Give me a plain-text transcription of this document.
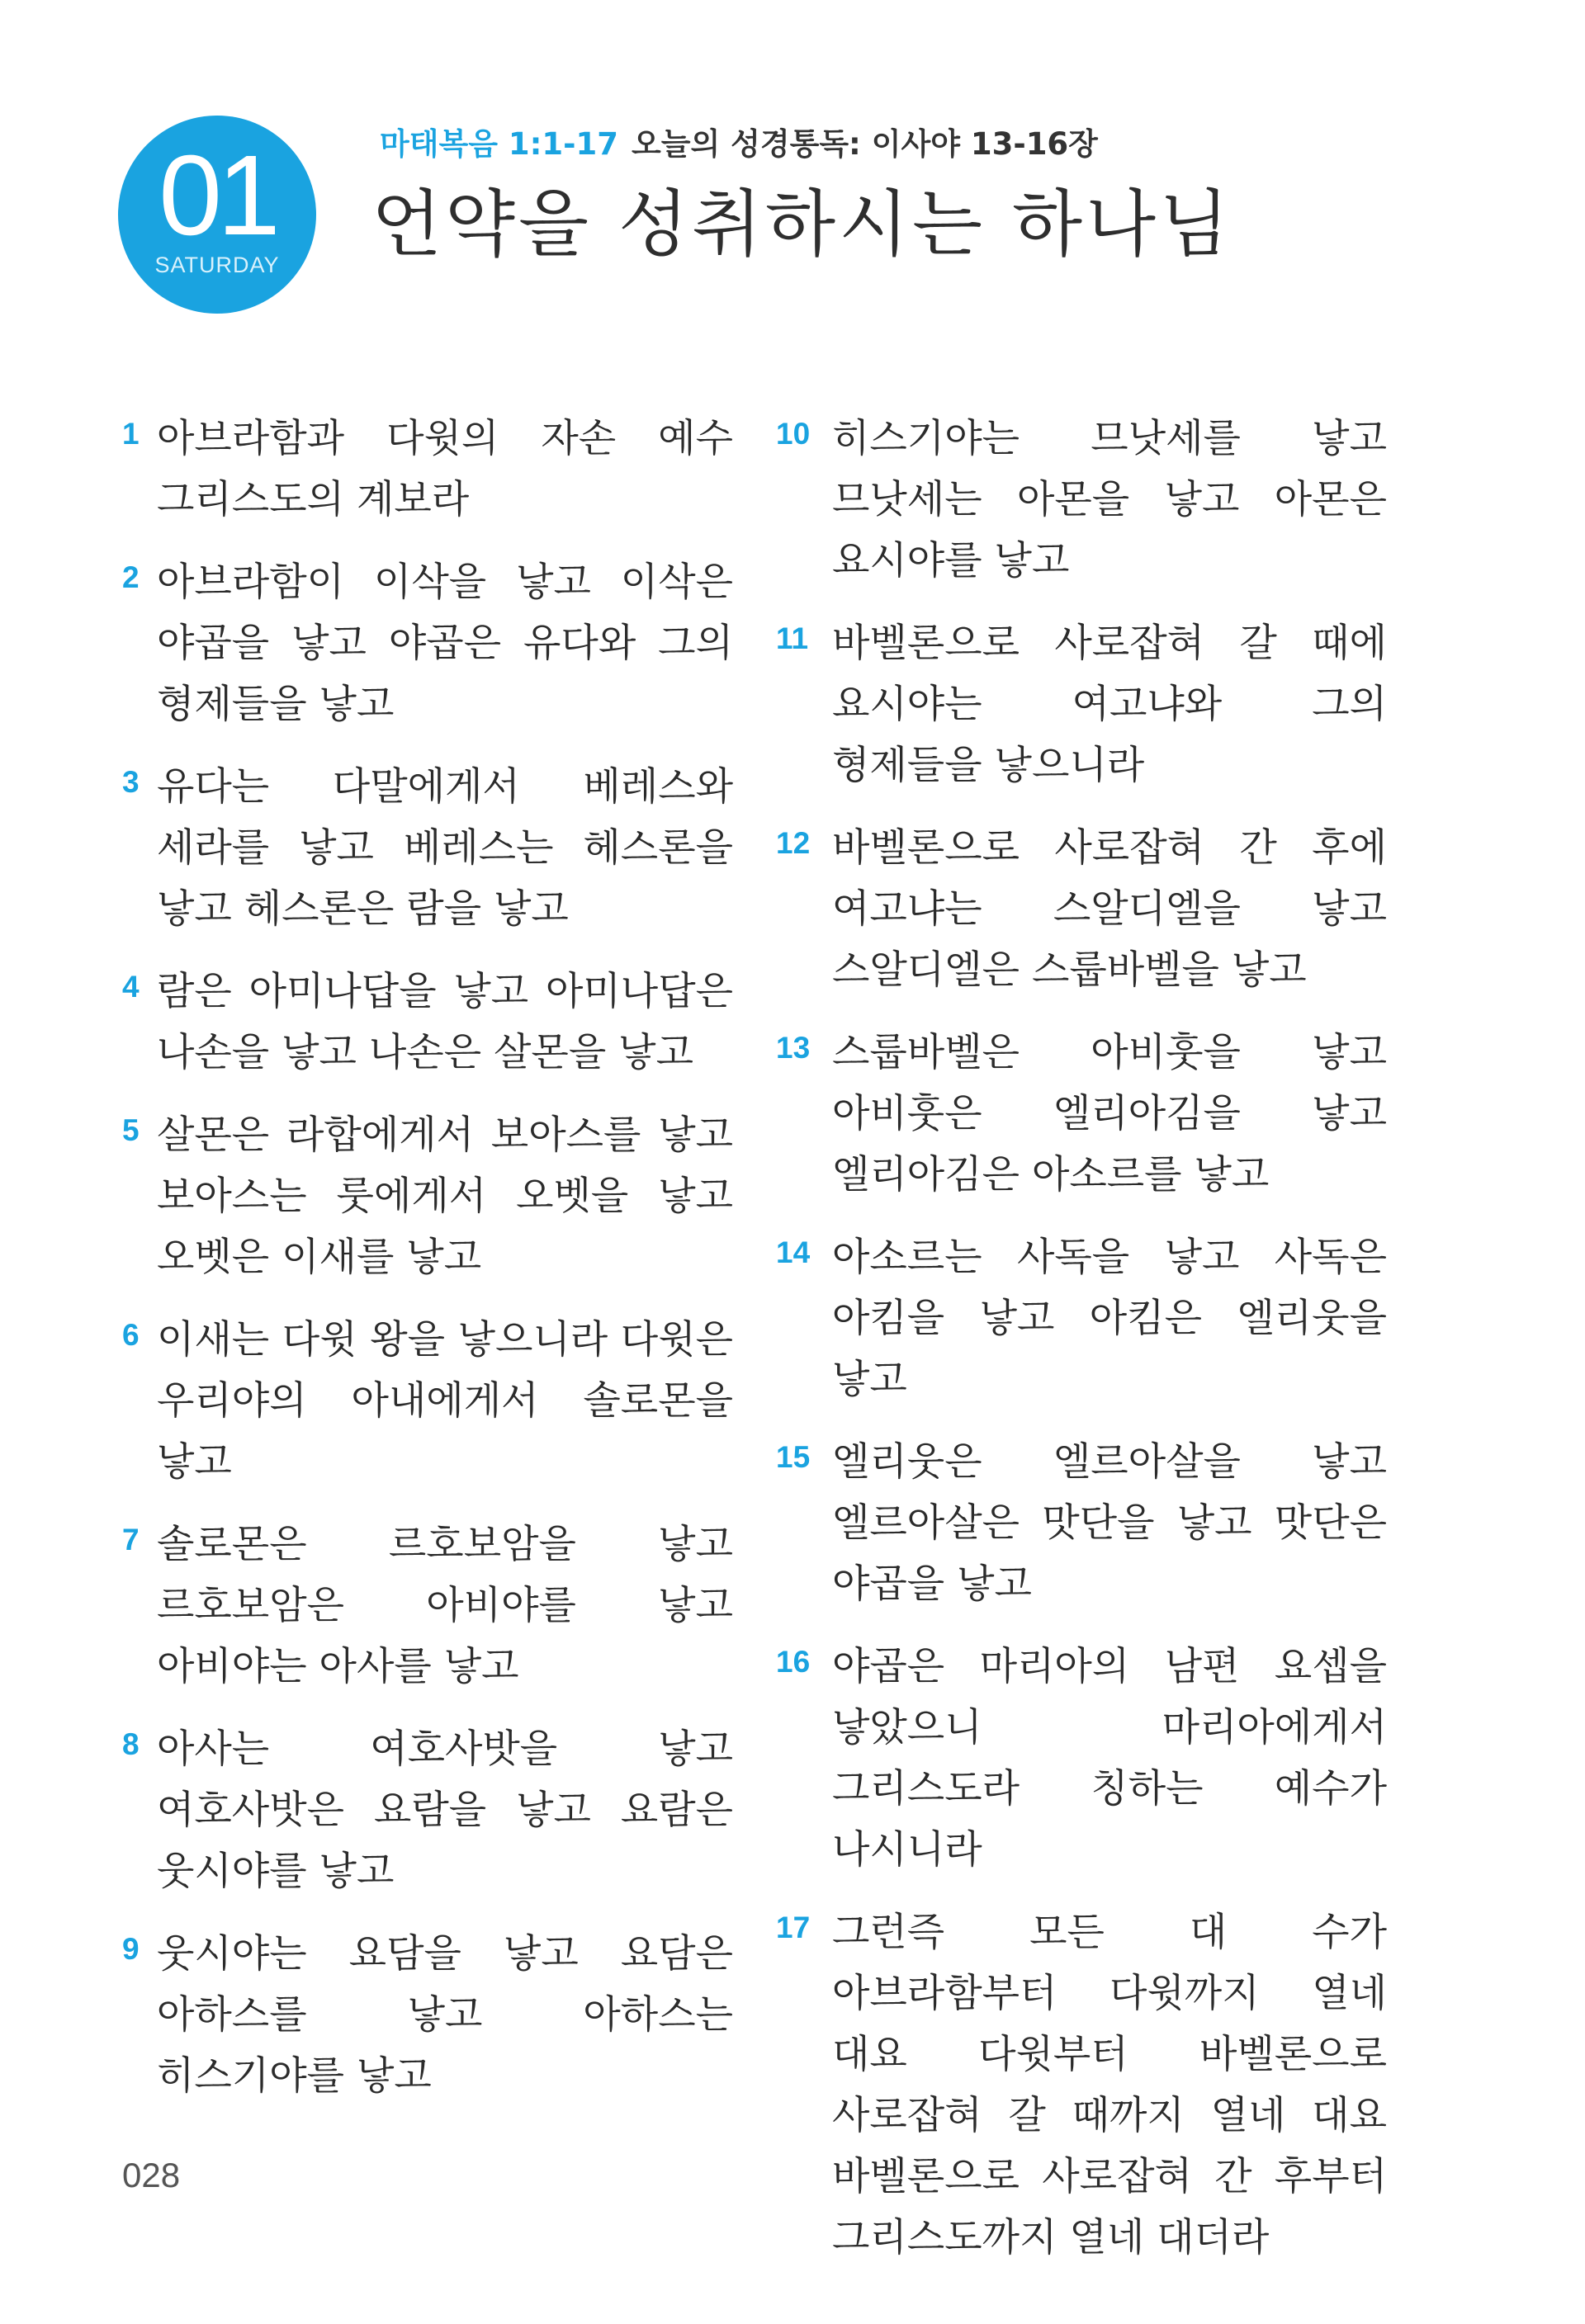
01
SATURDAY
마태복음 1:1-17 오늘의 성경통독: 이사야 13-16장
언약을 성취하시는 하나님
1 아브라함과 다윗의 자손 예수 그리스도의 계보라
2 아브라함이 이삭을 낳고 이삭은 야곱을 낳고 야곱은 유다와 그의 형제들을 낳고
3 유다는 다말에게서 베레스와 세라를 낳고 베레스는 헤스론을 낳고 헤스론은 람을 낳고
4 람은 아미나답을 낳고 아미나답은 나손을 낳고 나손은 살몬을 낳고
5 살몬은 라합에게서 보아스를 낳고 보아스는 룻에게서 오벳을 낳고 오벳은 이새를 낳고
6 이새는 다윗 왕을 낳으니라 다윗은 우리야의 아내에게서 솔로몬을 낳고
7 솔로몬은 르호보암을 낳고 르호보암은 아비야를 낳고 아비야는 아사를 낳고
8 아사는 여호사밧을 낳고 여호사밧은 요람을 낳고 요람은 웃시야를 낳고
9 웃시야는 요담을 낳고 요담은 아하스를 낳고 아하스는 히스기야를 낳고
10 히스기야는 므낫세를 낳고 므낫세는 아몬을 낳고 아몬은 요시야를 낳고
11 바벨론으로 사로잡혀 갈 때에 요시야는 여고냐와 그의 형제들을 낳으니라
12 바벨론으로 사로잡혀 간 후에 여고냐는 스알디엘을 낳고 스알디엘은 스룹바벨을 낳고
13 스룹바벨은 아비훗을 낳고 아비훗은 엘리아김을 낳고 엘리아김은 아소르를 낳고
14 아소르는 사독을 낳고 사독은 아킴을 낳고 아킴은 엘리웃을 낳고
15 엘리웃은 엘르아살을 낳고 엘르아살은 맛단을 낳고 맛단은 야곱을 낳고
16 야곱은 마리아의 남편 요셉을 낳았으니 마리아에게서 그리스도라 칭하는 예수가 나시니라
17 그런즉 모든 대 수가 아브라함부터 다윗까지 열네 대요 다윗부터 바벨론으로 사로잡혀 갈 때까지 열네 대요 바벨론으로 사로잡혀 간 후부터 그리스도까지 열네 대더라
028
